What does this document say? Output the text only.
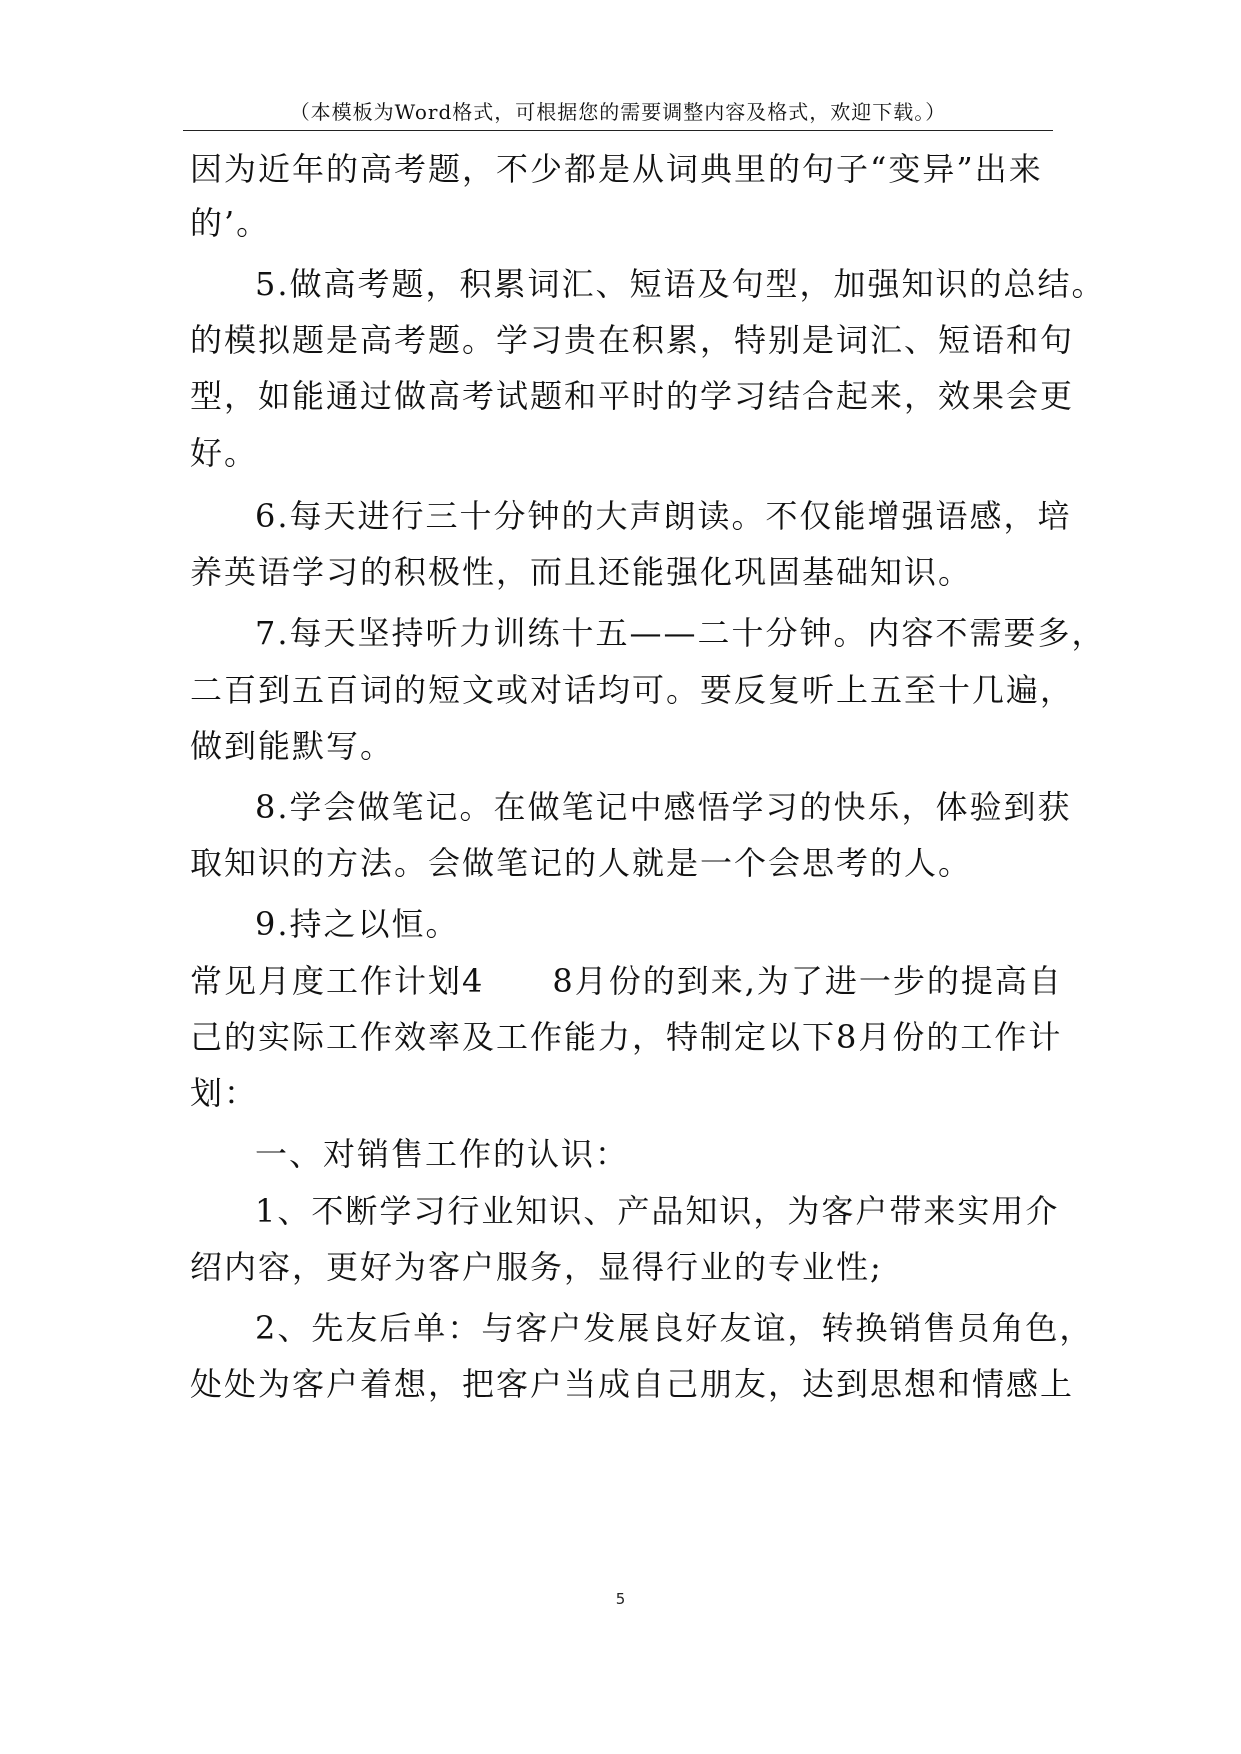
（本模板为Word格式，可根据您的需要调整内容及格式，欢迎下载。）
因为近年的高考题，不少都是从词典里的句子“变异”出来
的’。
5.做高考题，积累词汇、短语及句型，加强知识的总结。
的模拟题是高考题。学习贵在积累，特别是词汇、短语和句
型，如能通过做高考试题和平时的学习结合起来，效果会更
好。
6.每天进行三十分钟的大声朗读。不仅能增强语感，培
养英语学习的积极性，而且还能强化巩固基础知识。
7.每天坚持听力训练十五——二十分钟。内容不需要多，
二百到五百词的短文或对话均可。要反复听上五至十几遍，
做到能默写。
8.学会做笔记。在做笔记中感悟学习的快乐，体验到获
取知识的方法。会做笔记的人就是一个会思考的人。
9.持之以恒。
常见月度工作计划4　　8月份的到来,为了进一步的提高自
己的实际工作效率及工作能力，特制定以下8月份的工作计
划：
一、对销售工作的认识：
1、不断学习行业知识、产品知识，为客户带来实用介
绍内容，更好为客户服务，显得行业的专业性;
2、先友后单：与客户发展良好友谊，转换销售员角色，
处处为客户着想，把客户当成自己朋友，达到思想和情感上
5
